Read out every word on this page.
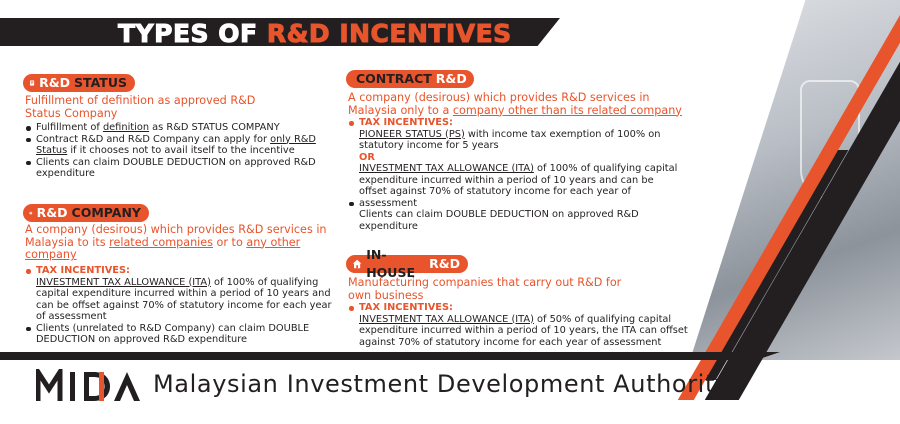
TYPES OF R&D INCENTIVES
R&D STATUS
Fulfillment of definition as approved R&D Status Company
Fulfillment of definition as R&D STATUS COMPANY
Contract R&D and R&D Company can apply for only R&D Status if it chooses not to avail itself to the incentive
Clients can claim DOUBLE DEDUCTION on approved R&D expenditure
R&D COMPANY
A company (desirous) which provides R&D services in Malaysia to its related companies or to any other company
TAX INCENTIVES:
INVESTMENT TAX ALLOWANCE (ITA) of 100% of qualifying capital expenditure incurred within a period of 10 years and can be offset against 70% of statutory income for each year of assessment
Clients (unrelated to R&D Company) can claim DOUBLE DEDUCTION on approved R&D expenditure
CONTRACT R&D
A company (desirous) which provides R&D services in Malaysia only to a company other than its related company
TAX INCENTIVES:
PIONEER STATUS (PS) with income tax exemption of 100% on statutory income for 5 years
OR
INVESTMENT TAX ALLOWANCE (ITA) of 100% of qualifying capital expenditure incurred within a period of 10 years and can be offset against 70% of statutory income for each year of
assessment
Clients can claim DOUBLE DEDUCTION on approved R&D expenditure
IN-HOUSE
R&D
Manufacturing companies that carry out R&D for own business
TAX INCENTIVES:
INVESTMENT TAX ALLOWANCE (ITA) of 50% of qualifying capital expenditure incurred within a period of 10 years, the ITA can offset against 70% of statutory income for each year of assessment
Malaysian Investment Development Authority
